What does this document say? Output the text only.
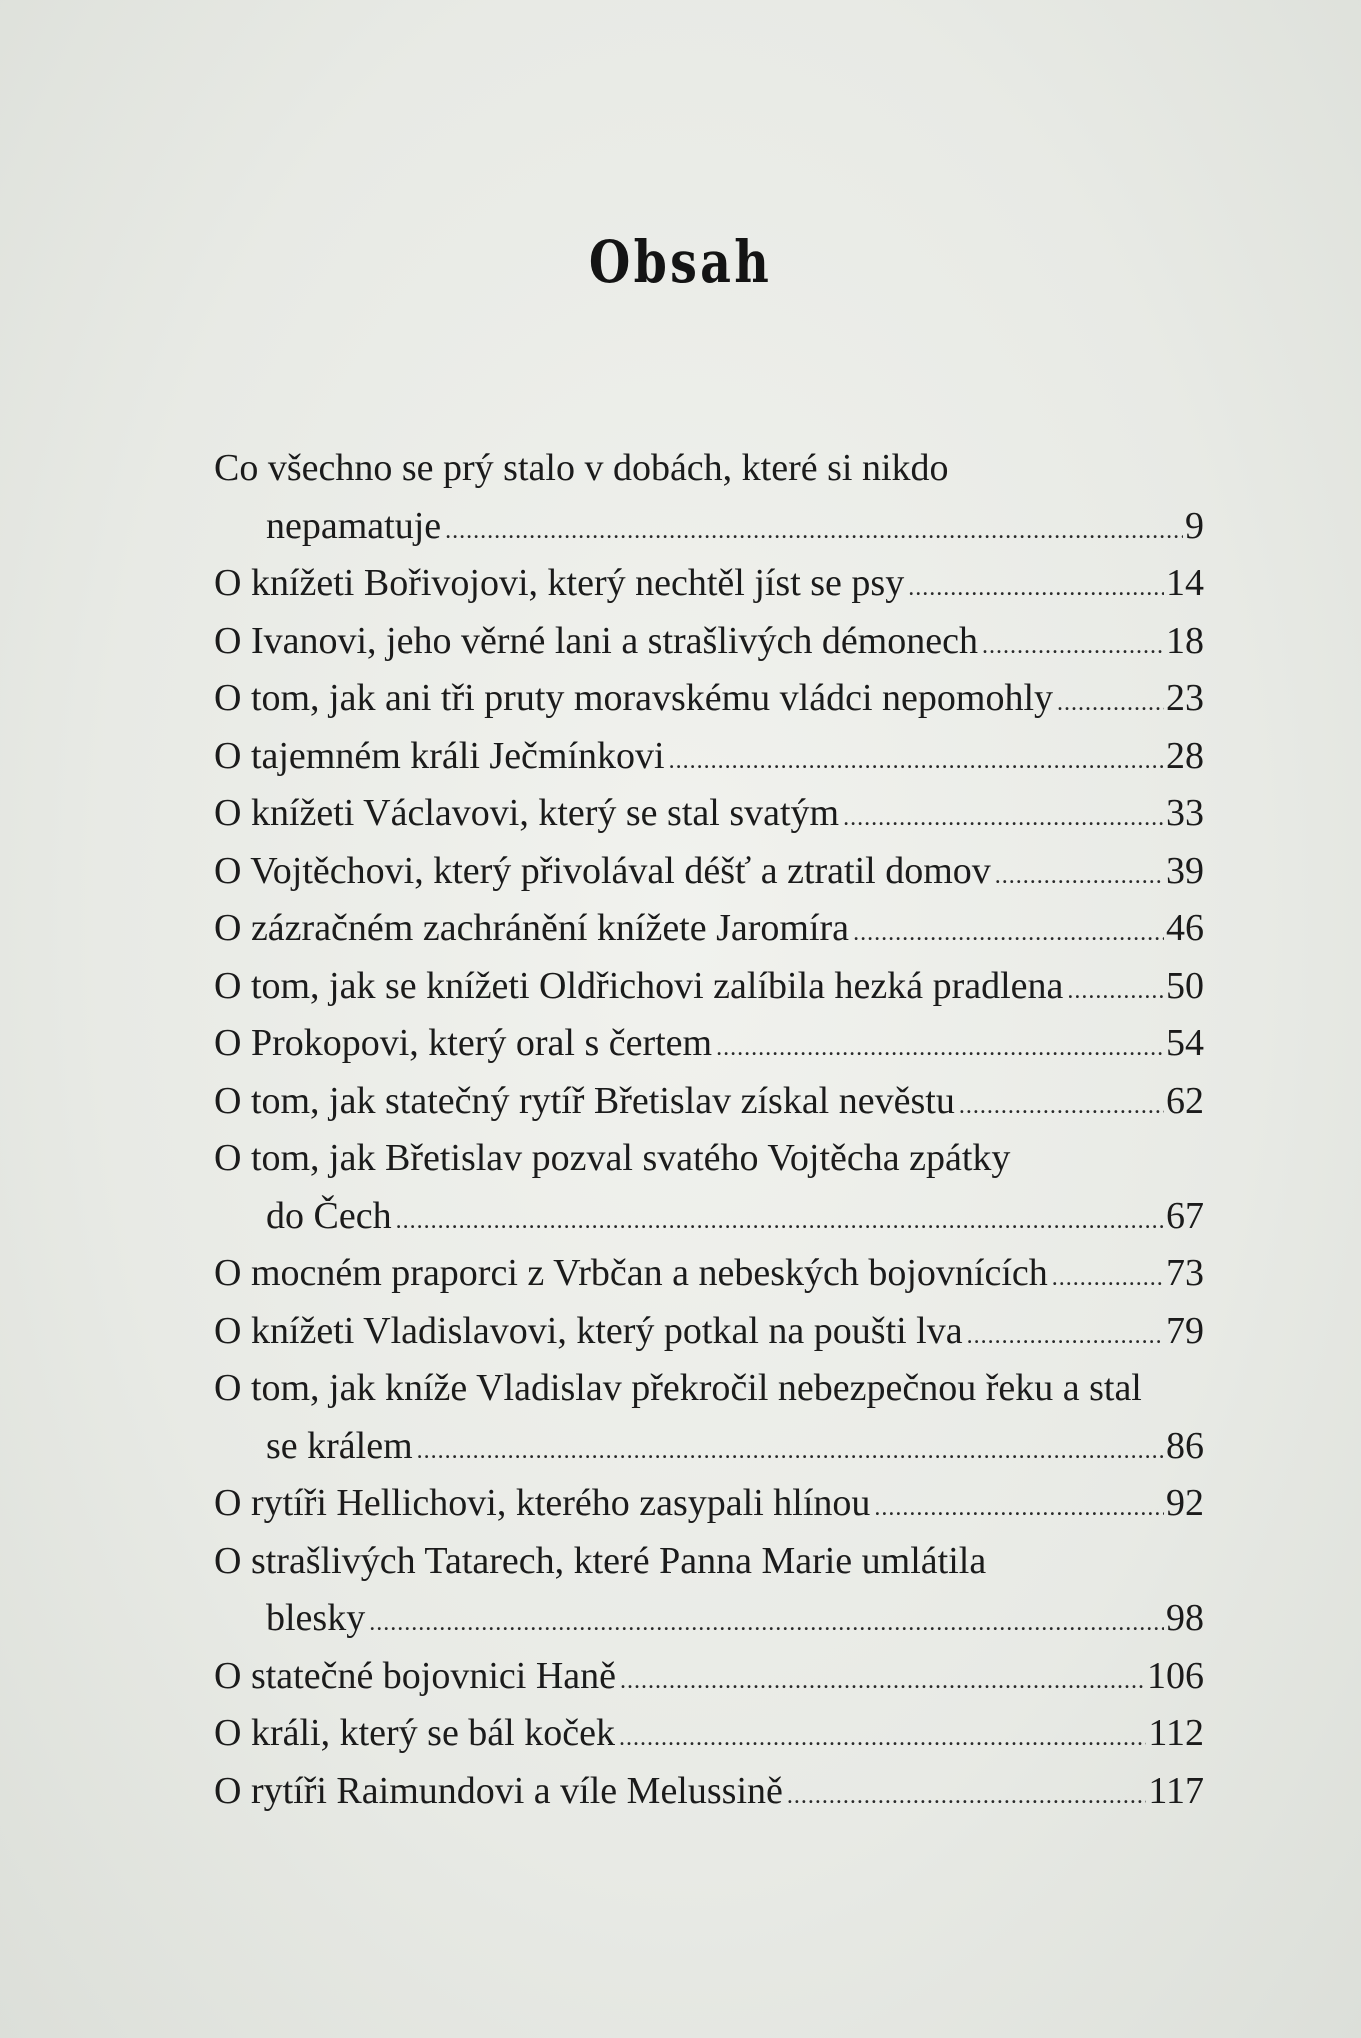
Obsah
Co všechno se prý stalo v dobách, které si nikdo
nepamatuje .....	9
O knížeti Bořivojovi, který nechtěl jíst se psy .....	14
O Ivanovi, jeho věrné lani a strašlivých démonech .....	18
O tom, jak ani tři pruty moravskému vládci nepomohly .....	23
O tajemném králi Ječmínkovi .....	28
O knížeti Václavovi, který se stal svatým .....	33
O Vojtěchovi, který přivolával déšť a ztratil domov .....	39
O zázračném zachránění knížete Jaromíra .....	46
O tom, jak se knížeti Oldřichovi zalíbila hezká pradlena .....	50
O Prokopovi, který oral s čertem .....	54
O tom, jak statečný rytíř Břetislav získal nevěstu .....	62
O tom, jak Břetislav pozval svatého Vojtěcha zpátky
do Čech .....	67
O mocném praporci z Vrbčan a nebeských bojovnících .....	73
O knížeti Vladislavovi, který potkal na poušti lva .....	79
O tom, jak kníže Vladislav překročil nebezpečnou řeku a stal
se králem .....	86
O rytíři Hellichovi, kterého zasypali hlínou .....	92
O strašlivých Tatarech, které Panna Marie umlátila
blesky .....	98
O statečné bojovnici Haně .....	106
O králi, který se bál koček .....	112
O rytíři Raimundovi a víle Melussině .....	117
